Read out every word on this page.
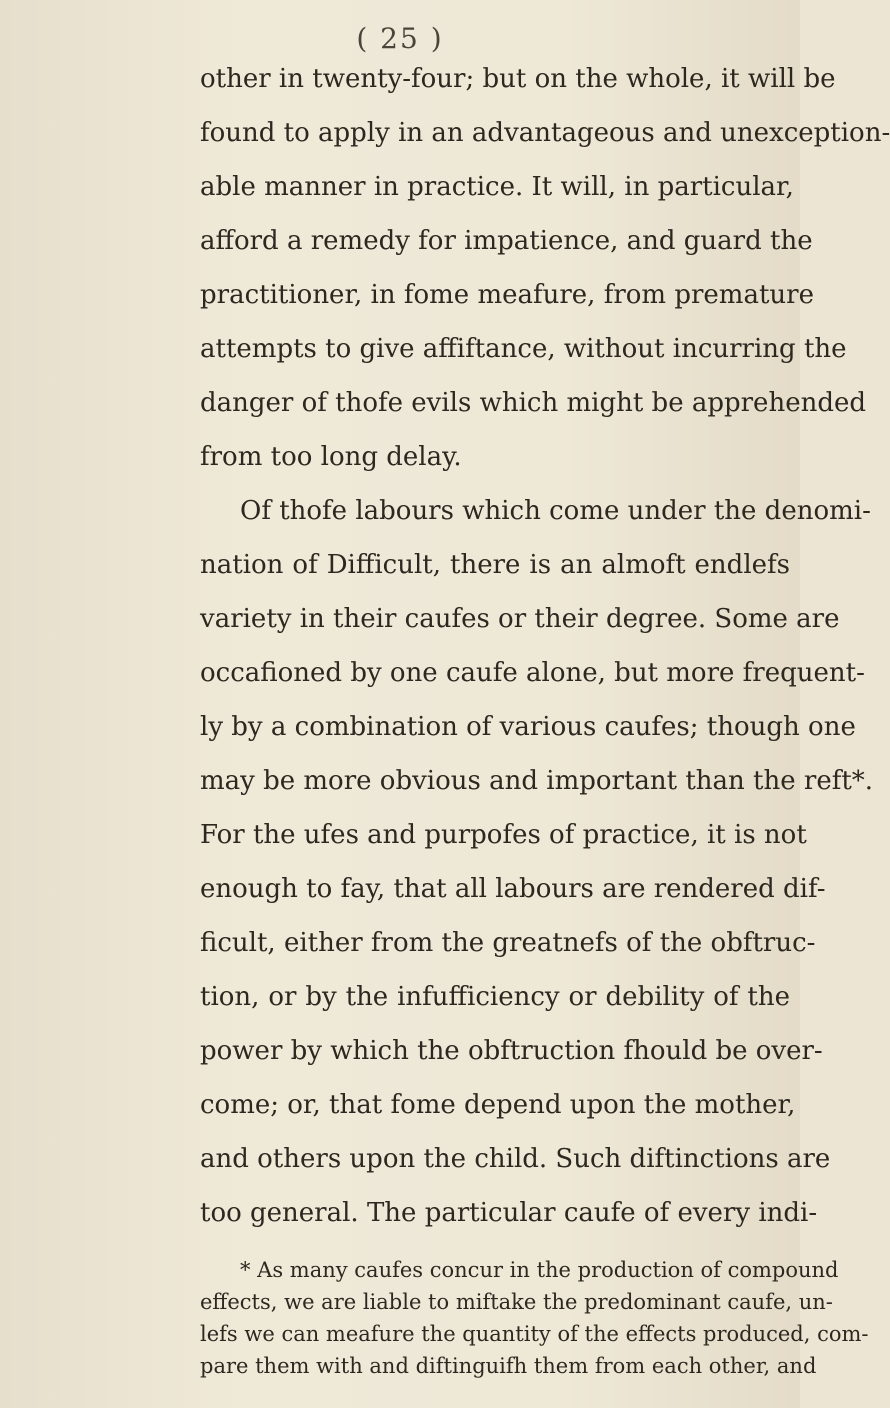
( 25 )
other in twenty-four; but on the whole, it will be
found to apply in an advantageous and unexception-
able manner in practice. It will, in particular,
afford a remedy for impatience, and guard the
practitioner, in fome meafure, from premature
attempts to give affiftance, without incurring the
danger of thofe evils which might be apprehended
from too long delay.
Of thofe labours which come under the denomi-
nation of Difficult, there is an almoft endlefs
variety in their caufes or their degree. Some are
occafioned by one caufe alone, but more frequent-
ly by a combination of various caufes; though one
may be more obvious and important than the reft*.
For the ufes and purpofes of practice, it is not
enough to fay, that all labours are rendered dif-
ficult, either from the greatnefs of the obftruc-
tion, or by the infufficiency or debility of the
power by which the obftruction fhould be over-
come; or, that fome depend upon the mother,
and others upon the child. Such diftinctions are
too general. The particular caufe of every indi-
* As many caufes concur in the production of compound
effects, we are liable to miftake the predominant caufe, un-
lefs we can meafure the quantity of the effects produced, com-
pare them with and diftinguifh them from each other, and
